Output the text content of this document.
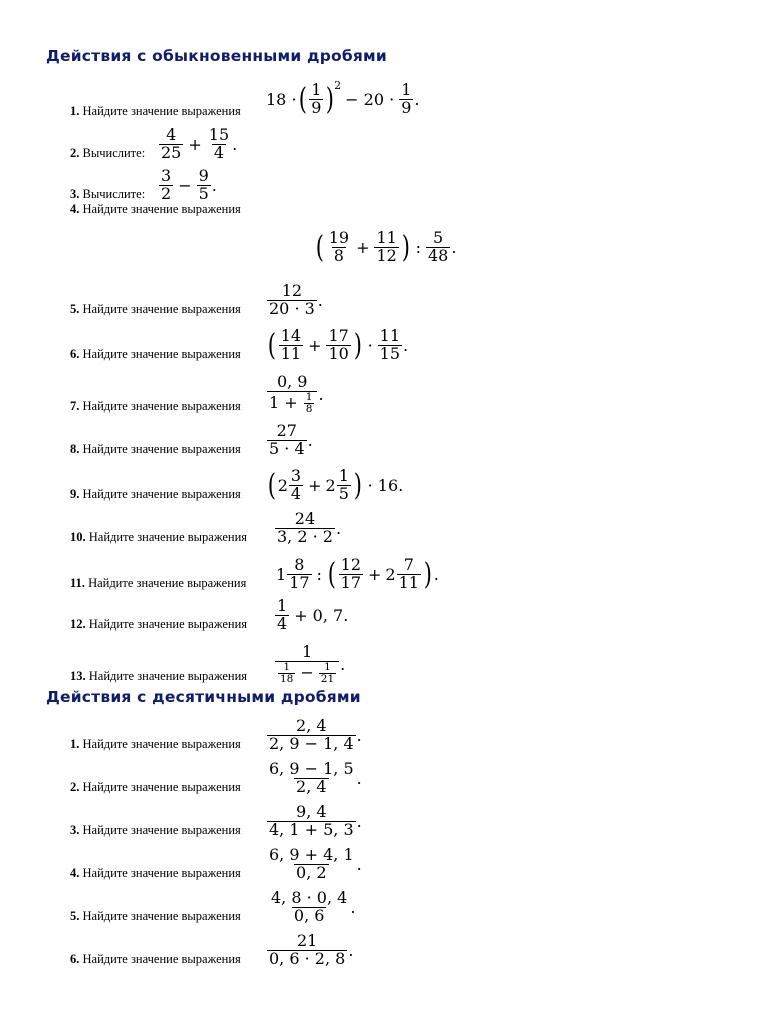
Действия с обыкновенными дробями
1. Найдите значение выражения
18 · ( $\frac{1}{9}$ ) 2
− $20 \cdot \frac{1}{9}$ .
2. Вычислите: $\frac{4}{25} + \frac{15}{4}$ .
3. Вычислите: $\frac{3}{2} - \frac{9}{5}$ .
4. Найдите значение выражения
( $\frac{19}{8} + \frac{11}{12}$ ) : $\frac{5}{48}$ .
5. Найдите значение выражения $\frac{12}{20 \cdot 3}$ .
6. Найдите значение выражения ( $\frac{14}{11} + \frac{17}{10}$ ) · $\frac{11}{15}$ .
7. Найдите значение выражения 0, 9
1 +
$\frac{1}{8}$ .
8. Найдите значение выражения $\frac{27}{5 \cdot 4}$ .
9. Найдите значение выражения ( $2 \frac{3}{4} + 2 \frac{1}{5}$ ) · 16.
10. Найдите значение выражения $\frac{24}{3, 2 \cdot 2}$ .
11. Найдите значение выражения $1 \frac{8}{17}$ : ( $\frac{12}{17} + 2 \frac{7}{11}$ ) .
12. Найдите значение выражения $\frac{1}{4} + 0$, 7.
13. Найдите значение выражения $\frac{1}{\frac{1}{18} - \frac{1}{21}}$ .
Действия с десятичными дробями
1. Найдите значение выражения $\frac{2, 4}{2, 9 - 1, 4}$ .
2. Найдите значение выражения $\frac{6, 9 - 1, 5}{2, 4}$ .
3. Найдите значение выражения $\frac{9, 4}{4, 1 + 5, 3}$ .
4. Найдите значение выражения $\frac{6, 9 + 4, 1}{0, 2}$ .
5. Найдите значение выражения $\frac{4, 8 \cdot 0, 4}{0, 6}$ .
6. Найдите значение выражения $\frac{21}{0, 6 \cdot 2, 8}$ .
